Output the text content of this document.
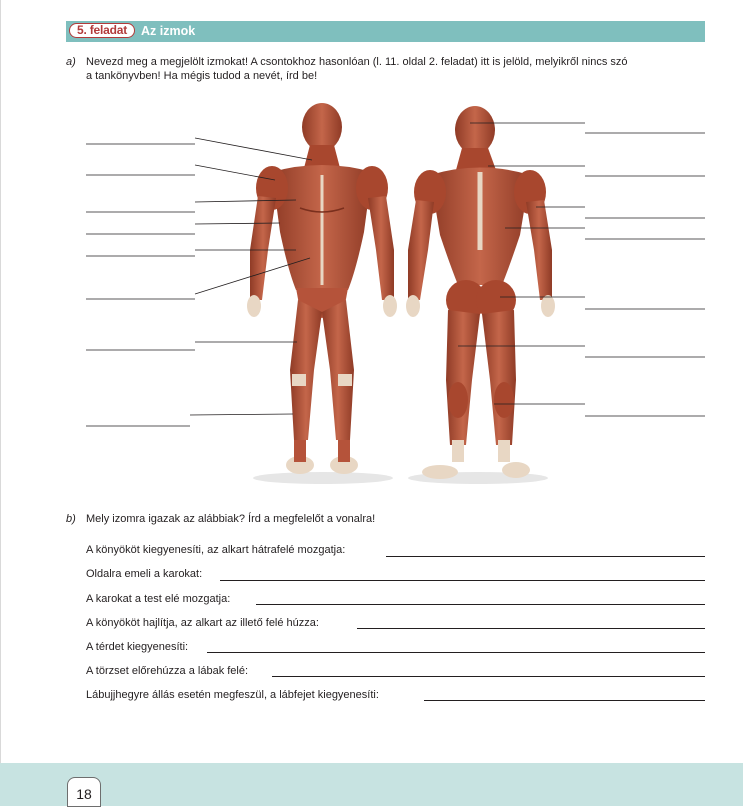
5. feladat	Az izmok
a) Nevezd meg a megjelölt izmokat! A csontokhoz hasonlóan (l. 11. oldal 2. feladat) itt is jelöld, melyikről nincs szó
a tankönyvben! Ha mégis tudod a nevét, írd be!
b) Mely izomra igazak az alábbiak? Írd a megfelelőt a vonalra!
A könyököt kiegyenesíti, az alkart hátrafelé mozgatja:
Oldalra emeli a karokat:
A karokat a test elé mozgatja:
A könyököt hajlítja, az alkart az illető felé húzza:
A térdet kiegyenesíti:
A törzset előrehúzza a lábak felé:
Lábujjhegyre állás esetén megfeszül, a lábfejet kiegyenesíti:
18
